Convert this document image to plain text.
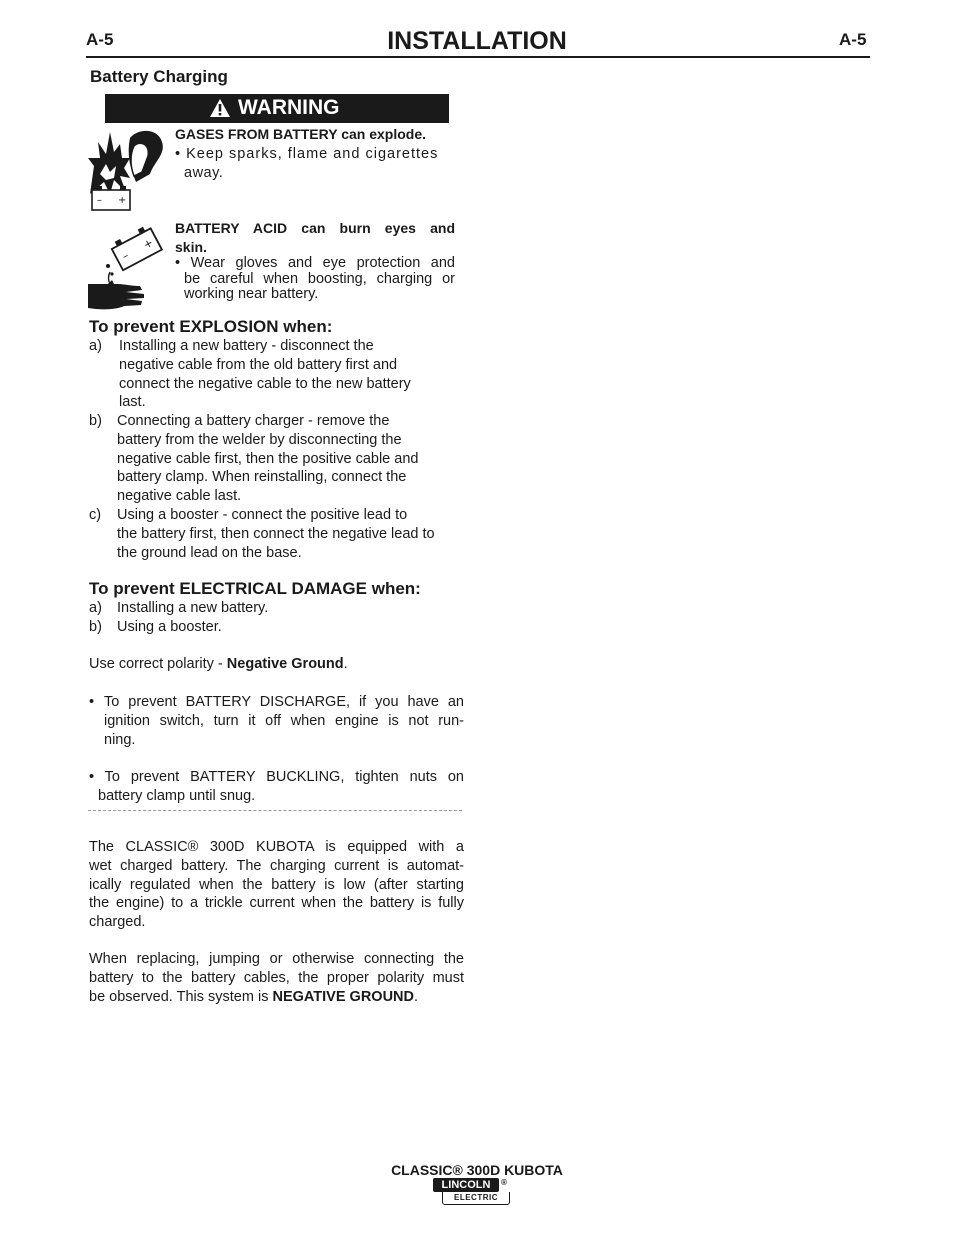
A-5	INSTALLATION	A-5
Battery Charging
WARNING
– +
GASES FROM BATTERY can explode.
• Keep sparks, flame and cigarettes
away.
–
+
BATTERY ACID can burn eyes and
skin.
• Wear gloves and eye protection and
be careful when boosting, charging or
working near battery.
To prevent EXPLOSION when:
a) Installing a new battery - disconnect the
negative cable from the old battery first and
connect the negative cable to the new battery
last.
b) Connecting a battery charger - remove the
battery from the welder by disconnecting the
negative cable first, then the positive cable and
battery clamp. When reinstalling, connect the
negative cable last.
c) Using a booster - connect the positive lead to
the battery first, then connect the negative lead to
the ground lead on the base.
To prevent ELECTRICAL DAMAGE when:
a) Installing a new battery.
b) Using a booster.
Use correct polarity - Negative Ground.
• To prevent BATTERY DISCHARGE, if you have an
ignition switch, turn it off when engine is not run-
ning.
• To prevent BATTERY BUCKLING, tighten nuts on
battery clamp until snug.
The CLASSIC® 300D KUBOTA is equipped with a
wet charged battery. The charging current is automat-
ically regulated when the battery is low (after starting
the engine) to a trickle current when the battery is fully
charged.
When replacing, jumping or otherwise connecting the
battery to the battery cables, the proper polarity must
be observed. This system is NEGATIVE GROUND.
CLASSIC® 300D KUBOTA
LINCOLN	®
ELECTRIC
